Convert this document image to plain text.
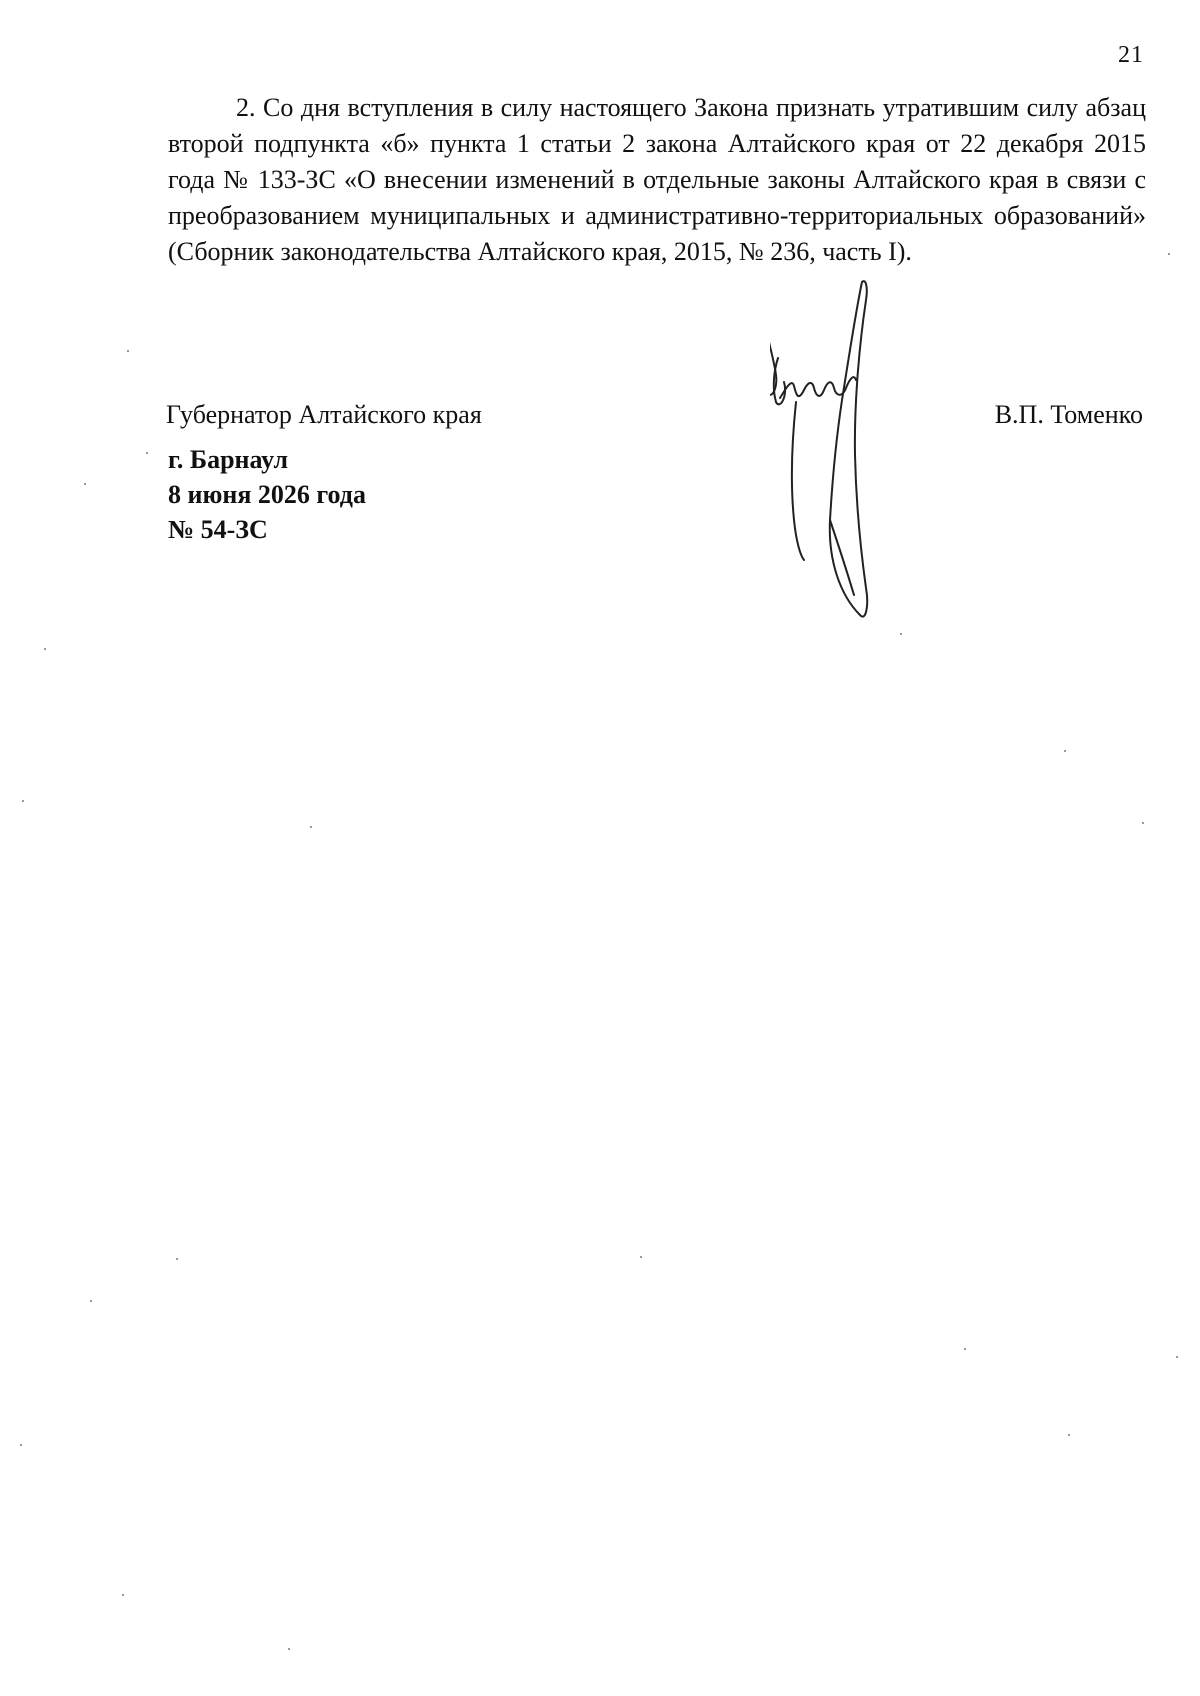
21

2. Со дня вступления в силу настоящего Закона признать утратившим силу абзац второй подпункта «б» пункта 1 статьи 2 закона Алтайского края от 22 декабря 2015 года № 133-ЗС «О внесении изменений в отдельные законы Алтайского края в связи с преобразованием муниципальных и административно-территориальных образований» (Сборник законодательства Алтайского края, 2015, № 236, часть I).

Губернатор Алтайского края	В.П. Томенко
г. Барнаул
8 июня 2026 года
№ 54-ЗС
